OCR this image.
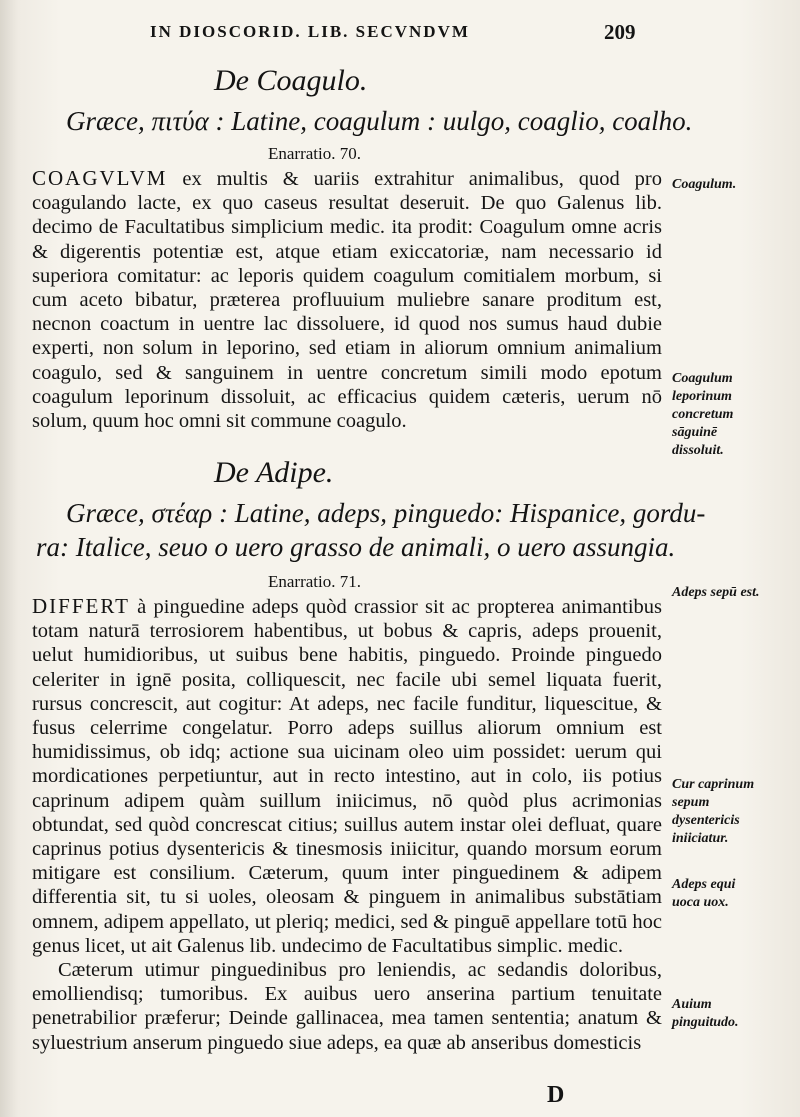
IN DIOSCORID. LIB. SECVNDVM	209
De Coagulo.
Græce, πιτύα : Latine, coagulum : uulgo, coaglio, coalho.
Enarratio. 70.

COAGVLVM ex multis & uariis extrahitur animalibus, quod pro coagulando lacte, ex quo caseus resultat deseruit. De quo Galenus lib. decimo de Facultatibus simplicium medic. ita prodit: Coagulum omne acris & digerentis potentiæ est, atque etiam exiccatoriæ, nam necessario id superiora comitatur: ac leporis quidem coagulum comitialem morbum, si cum aceto bibatur, præterea profluuium muliebre sanare proditum est, necnon coactum in uentre lac dissoluere, id quod nos sumus haud dubie experti, non solum in leporino, sed etiam in aliorum omnium animalium coagulo, sed & sanguinem in uentre concretum simili modo epotum coagulum leporinum dissoluit, ac efficacius quidem cæteris, uerum nō solum, quum hoc omni sit commune coagulo.

De Adipe.
Græce, στέαρ : Latine, adeps, pinguedo: Hispanice, gordu-
ra: Italice, seuo o uero grasso de animali, o uero assungia.
Enarratio. 71.

DIFFERT à pinguedine adeps quòd crassior sit ac propterea animantibus totam naturā terrosiorem habentibus, ut bobus & capris, adeps prouenit, uelut humidioribus, ut suibus bene habitis, pinguedo. Proinde pinguedo celeriter in ignē posita, colliquescit, nec facile ubi semel liquata fuerit, rursus concrescit, aut cogitur: At adeps, nec facile funditur, liquescitue, & fusus celerrime congelatur. Porro adeps suillus aliorum omnium est humidissimus, ob idq; actione sua uicinam oleo uim possidet: uerum qui mordicationes perpetiuntur, aut in recto intestino, aut in colo, iis potius caprinum adipem quàm suillum iniicimus, nō quòd plus acrimonias obtundat, sed quòd concrescat citius; suillus autem instar olei defluat, quare caprinus potius dysentericis & tinesmosis iniicitur, quando morsum eorum mitigare est consilium. Cæterum, quum inter pinguedinem & adipem differentia sit, tu si uoles, oleosam & pinguem in animalibus substātiam omnem, adipem appellato, ut pleriq; medici, sed & pinguē appellare totū hoc genus licet, ut ait Galenus lib. undecimo de Facultatibus simplic. medic.

Cæterum utimur pinguedinibus pro leniendis, ac sedandis doloribus, emolliendisq; tumoribus. Ex auibus uero anserina partium tenuitate penetrabilior præferur; Deinde gallinacea, mea tamen sententia; anatum & syluestrium anserum pinguedo siue adeps, ea quæ ab anseribus domesticis

Coagulum.
Coagulum leporinum concretum sāguinē dissoluit.
Adeps sepū est.
Cur caprinum sepum dysentericis iniiciatur.
Adeps equi uoca uox.
Auium pinguitudo.
D
